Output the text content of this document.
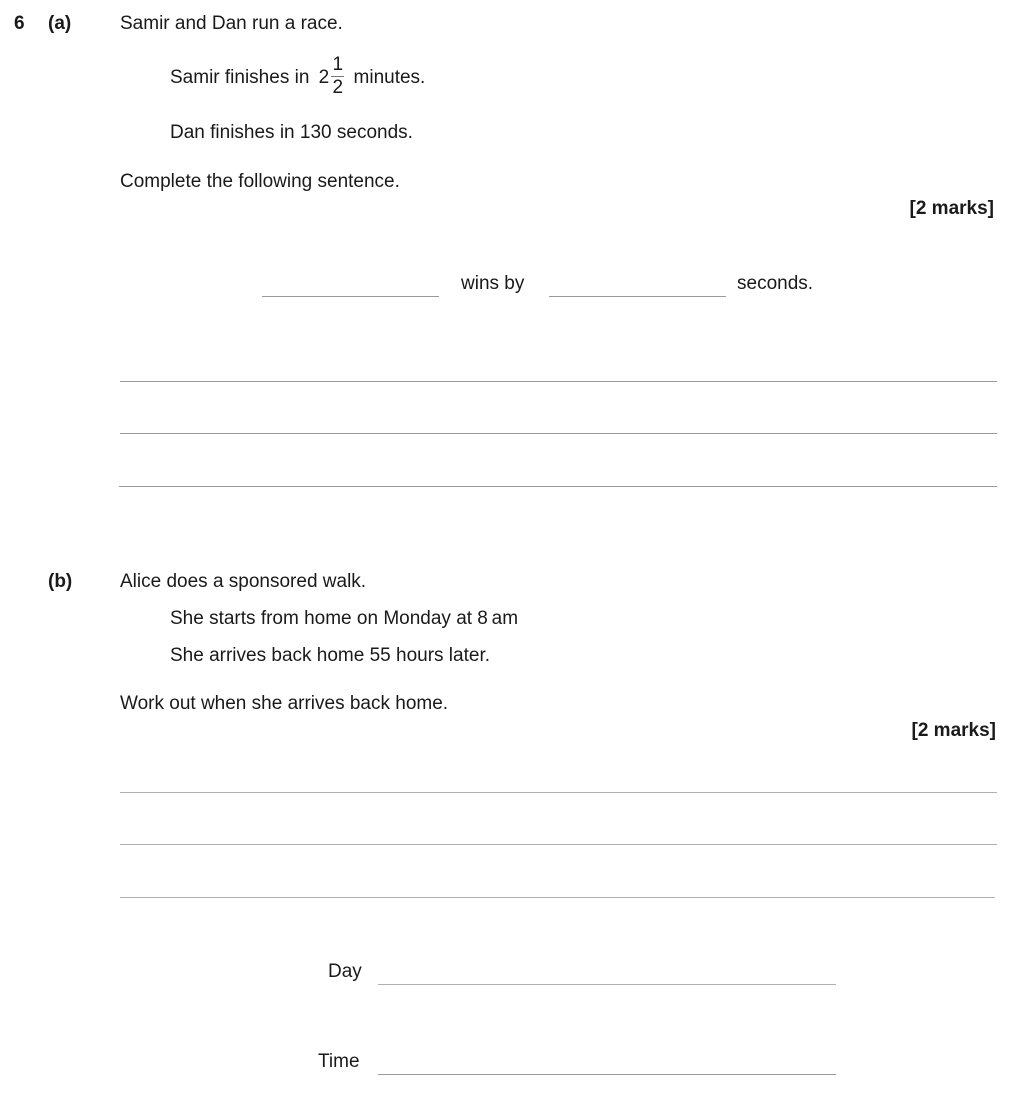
6 (a)	Samir and Dan run a race.
Samir finishes in $2 \frac{1}{2}$ minutes.
Dan finishes in 130 seconds.
Complete the following sentence.
[2 marks]
wins by	seconds.
(b)	Alice does a sponsored walk.
She starts from home on Monday at 8 am
She arrives back home 55 hours later.
Work out when she arrives back home.
[2 marks]
Day
Time
